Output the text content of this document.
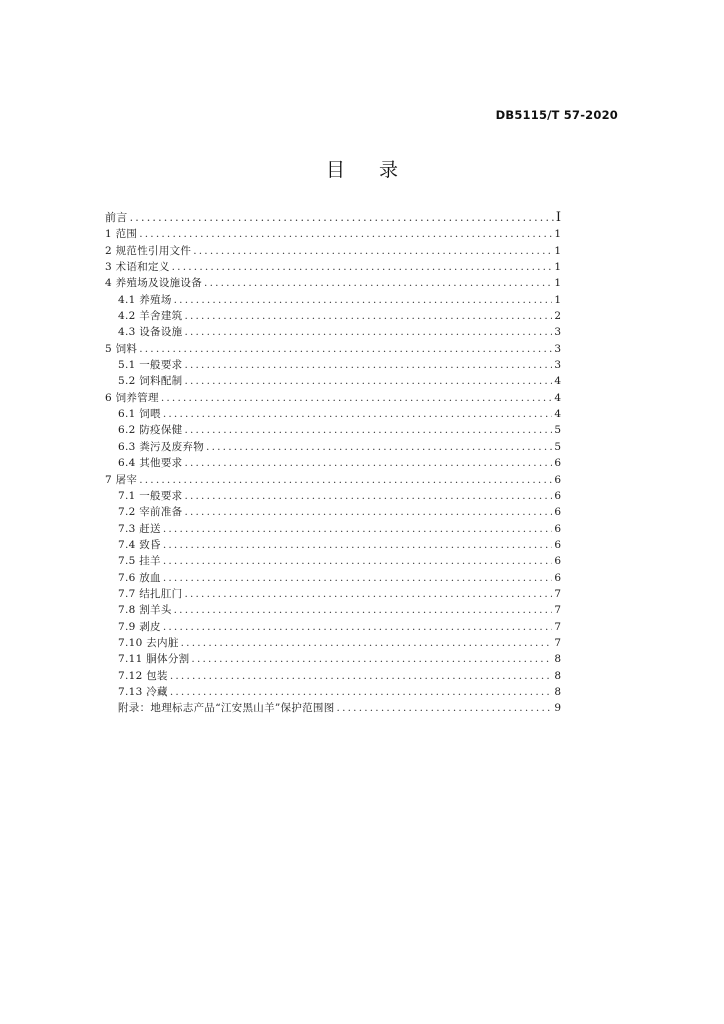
DB5115/T 57-2020
目录
前言 .....	I
1 范围 .....	1
2 规范性引用文件 .....	1
3 术语和定义 .....	1
4 养殖场及设施设备 .....	1
4.1 养殖场 .....	1
4.2 羊舍建筑 .....	2
4.3 设备设施 .....	3
5 饲料 .....	3
5.1 一般要求 .....	3
5.2 饲料配制 .....	4
6 饲养管理 .....	4
6.1 饲喂 .....	4
6.2 防疫保健 .....	5
6.3 粪污及废弃物 .....	5
6.4 其他要求 .....	6
7 屠宰 .....	6
7.1 一般要求 .....	6
7.2 宰前准备 .....	6
7.3 赶送 .....	6
7.4 致昏 .....	6
7.5 挂羊 .....	6
7.6 放血 .....	6
7.7 结扎肛门 .....	7
7.8 割羊头 .....	7
7.9 剥皮 .....	7
7.10 去内脏 .....	7
7.11 胴体分割 .....	8
7.12 包装 .....	8
7.13 冷藏 .....	8
附录：地理标志产品“江安黑山羊”保护范围图 .....	9
